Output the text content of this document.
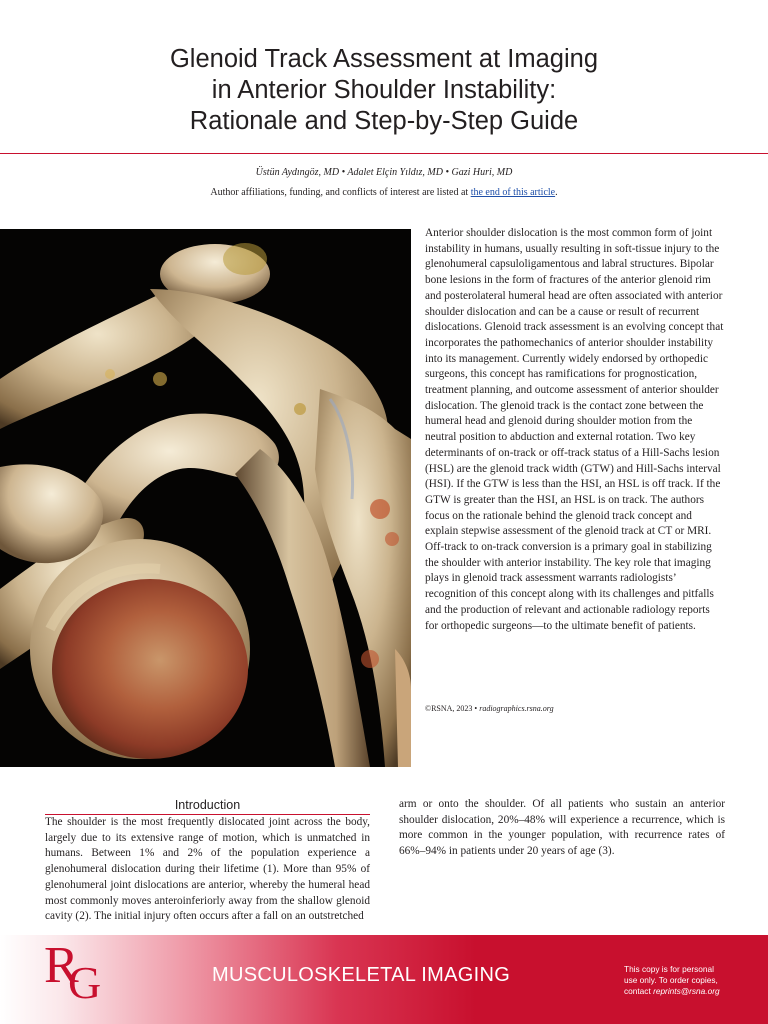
Glenoid Track Assessment at Imaging
in Anterior Shoulder Instability:
Rationale and Step-by-Step Guide
Üstün Aydıngöz, MD • Adalet Elçin Yıldız, MD • Gazi Huri, MD
Author affiliations, funding, and conflicts of interest are listed at the end of this article.
Anterior shoulder dislocation is the most common form of joint instability in humans, usually resulting in soft-tissue injury to the glenohumeral capsuloligamentous and labral structures. Bipolar bone lesions in the form of fractures of the anterior glenoid rim and posterolateral humeral head are often associated with anterior shoulder dislocation and can be a cause or result of recurrent dislocations. Glenoid track assessment is an evolving concept that incorporates the pathomechanics of anterior shoulder instability into its management. Currently widely endorsed by orthopedic surgeons, this concept has ramifications for prognostication, treatment planning, and outcome assessment of anterior shoulder dislocation. The glenoid track is the contact zone between the humeral head and glenoid during shoulder motion from the neutral position to abduction and external rotation. Two key determinants of on-track or off-track status of a Hill-Sachs lesion (HSL) are the glenoid track width (GTW) and Hill-Sachs interval (HSI). If the GTW is less than the HSI, an HSL is off track. If the GTW is greater than the HSI, an HSL is on track. The authors focus on the rationale behind the glenoid track concept and explain stepwise assessment of the glenoid track at CT or MRI. Off-track to on-track conversion is a primary goal in stabilizing the shoulder with anterior instability. The key role that imaging plays in glenoid track assessment warrants radiologists’ recognition of this concept along with its challenges and pitfalls and the production of relevant and actionable radiology reports for orthopedic surgeons—to the ultimate benefit of patients.
©RSNA, 2023 • radiographics.rsna.org
Introduction
The shoulder is the most frequently dislocated joint across the body, largely due to its extensive range of motion, which is unmatched in humans. Between 1% and 2% of the population experience a glenohumeral dislocation during their lifetime (1). More than 95% of glenohumeral joint dislocations are anterior, whereby the humeral head most commonly moves anteroinferiorly away from the shallow glenoid cavity (2). The initial injury often occurs after a fall on an outstretched
R
G	MUSCULOSKELETAL IMAGING	This copy is for personal
use only. To order copies,
contact reprints@rsna.org
arm or onto the shoulder. Of all patients who sustain an anterior shoulder dislocation, 20%–48% will experience a recurrence, which is more common in the younger population, with recurrence rates of 66%–94% in patients under 20 years of age (3).
